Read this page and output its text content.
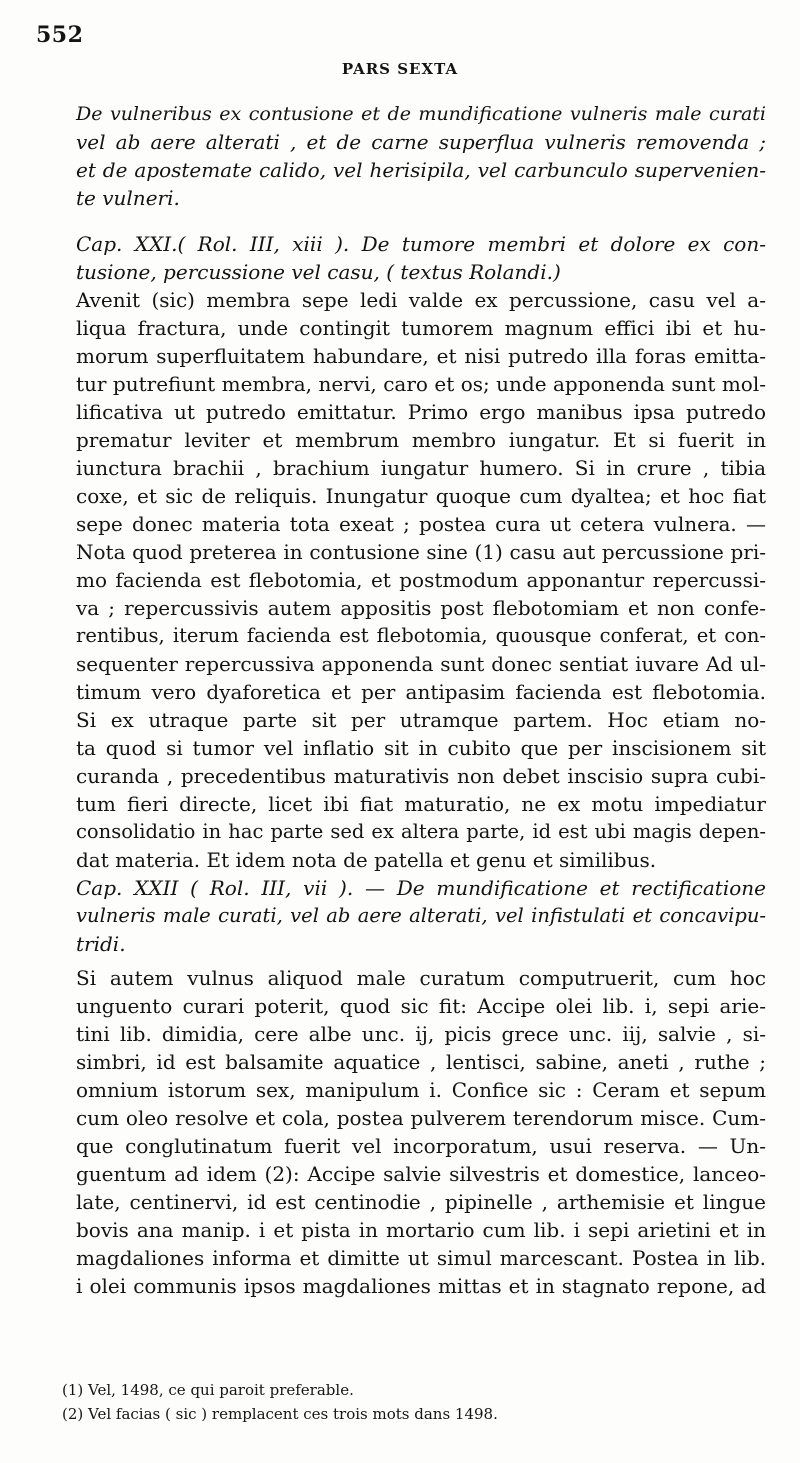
552
PARS SEXTA
De vulneribus ex contusione et de mundificatione vulneris male curati
vel ab aere alterati , et de carne superflua vulneris removenda ;
et de apostemate calido, vel herisipila, vel carbunculo supervenien-
te vulneri.
Cap. XXI.( Rol. III, xiii ). De tumore membri et dolore ex con-
tusione, percussione vel casu, ( textus Rolandi.)
Avenit (sic) membra sepe ledi valde ex percussione, casu vel a-
liqua fractura, unde contingit tumorem magnum effici ibi et hu-
morum superfluitatem habundare, et nisi putredo illa foras emitta-
tur putrefiunt membra, nervi, caro et os; unde apponenda sunt mol-
lificativa ut putredo emittatur. Primo ergo manibus ipsa putredo
prematur leviter et membrum membro iungatur. Et si fuerit in
iunctura brachii , brachium iungatur humero. Si in crure , tibia
coxe, et sic de reliquis. Inungatur quoque cum dyaltea; et hoc fiat
sepe donec materia tota exeat ; postea cura ut cetera vulnera. —
Nota quod preterea in contusione sine (1) casu aut percussione pri-
mo facienda est flebotomia, et postmodum apponantur repercussi-
va ; repercussivis autem appositis post flebotomiam et non confe-
rentibus, iterum facienda est flebotomia, quousque conferat, et con-
sequenter repercussiva apponenda sunt donec sentiat iuvare Ad ul-
timum vero dyaforetica et per antipasim facienda est flebotomia.
Si ex utraque parte sit per utramque partem. Hoc etiam no-
ta quod si tumor vel inflatio sit in cubito que per inscisionem sit
curanda , precedentibus maturativis non debet inscisio supra cubi-
tum fieri directe, licet ibi fiat maturatio, ne ex motu impediatur
consolidatio in hac parte sed ex altera parte, id est ubi magis depen-
dat materia. Et idem nota de patella et genu et similibus.
Cap. XXII ( Rol. III, vii ). — De mundificatione et rectificatione
vulneris male curati, vel ab aere alterati, vel infistulati et concavipu-
tridi.
Si autem vulnus aliquod male curatum computruerit, cum hoc
unguento curari poterit, quod sic fit: Accipe olei lib. i, sepi arie-
tini lib. dimidia, cere albe unc. ij, picis grece unc. iij, salvie , si-
simbri, id est balsamite aquatice , lentisci, sabine, aneti , ruthe ;
omnium istorum sex, manipulum i. Confice sic : Ceram et sepum
cum oleo resolve et cola, postea pulverem terendorum misce. Cum-
que conglutinatum fuerit vel incorporatum, usui reserva. — Un-
guentum ad idem (2): Accipe salvie silvestris et domestice, lanceo-
late, centinervi, id est centinodie , pipinelle , arthemisie et lingue
bovis ana manip. i et pista in mortario cum lib. i sepi arietini et in
magdaliones informa et dimitte ut simul marcescant. Postea in lib.
i olei communis ipsos magdaliones mittas et in stagnato repone, ad
(1) Vel, 1498, ce qui paroit preferable.
(2) Vel facias ( sic ) remplacent ces trois mots dans 1498.
